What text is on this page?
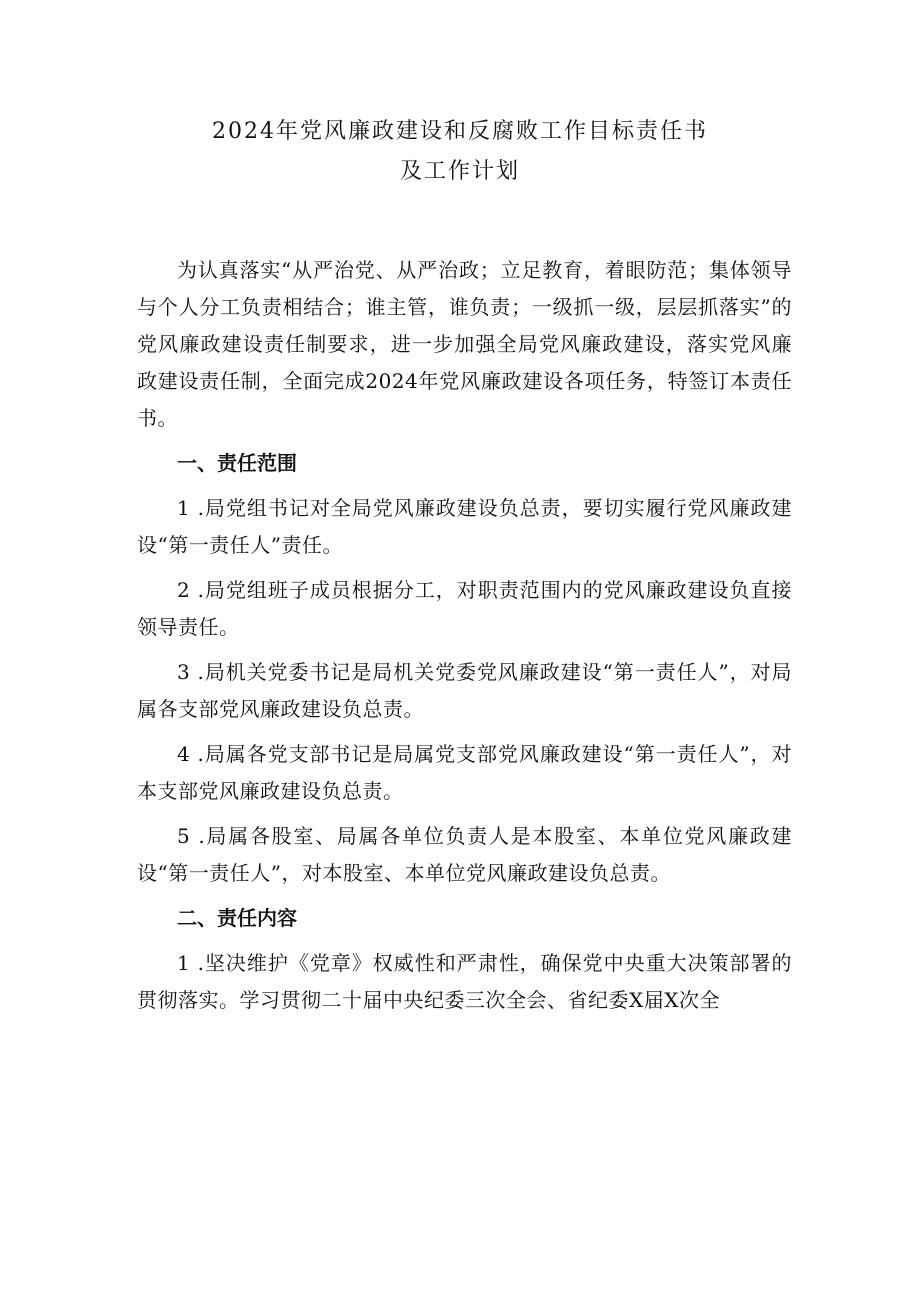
2024年党风廉政建设和反腐败工作目标责任书

及工作计划

为认真落实“从严治党、从严治政；立足教育，着眼防范；集体领导与个人分工负责相结合；谁主管，谁负责；一级抓一级，层层抓落实”的党风廉政建设责任制要求，进一步加强全局党风廉政建设，落实党风廉政建设责任制，全面完成2024年党风廉政建设各项任务，特签订本责任书。

一、责任范围

1 .局党组书记对全局党风廉政建设负总责，要切实履行党风廉政建设“第一责任人”责任。

2 .局党组班子成员根据分工，对职责范围内的党风廉政建设负直接领导责任。

3 .局机关党委书记是局机关党委党风廉政建设“第一责任人”，对局属各支部党风廉政建设负总责。

4 .局属各党支部书记是局属党支部党风廉政建设“第一责任人”，对本支部党风廉政建设负总责。

5 .局属各股室、局属各单位负责人是本股室、本单位党风廉政建设“第一责任人”，对本股室、本单位党风廉政建设负总责。

二、责任内容

1 .坚决维护《党章》权威性和严肃性，确保党中央重大决策部署的贯彻落实。学习贯彻二十届中央纪委三次全会、省纪委X届X次全
